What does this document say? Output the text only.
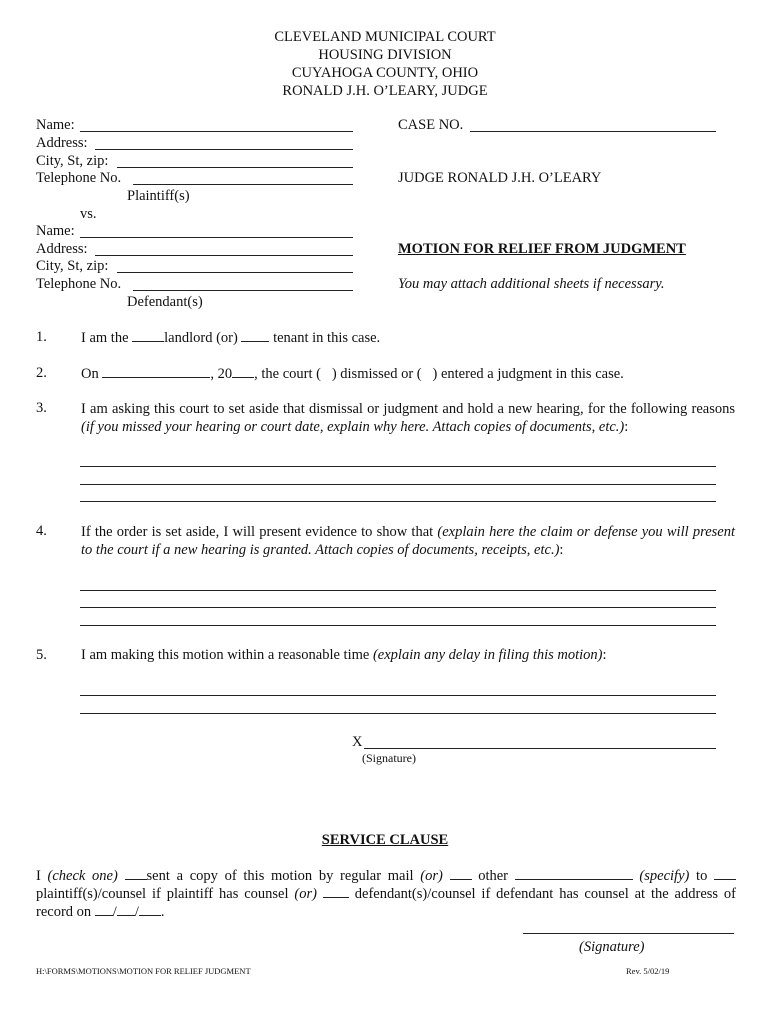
CLEVELAND MUNICIPAL COURT
HOUSING DIVISION
CUYAHOGA COUNTY, OHIO
RONALD J.H. O’LEARY, JUDGE
Name:
Address:
City, St, zip:
Telephone No.
Plaintiff(s)
vs.
Name:
Address:
City, St, zip:
Telephone No.
Defendant(s)
CASE NO.
JUDGE RONALD J.H. O’LEARY
MOTION FOR RELIEF FROM JUDGMENT
You may attach additional sheets if necessary.
1. I am the landlord (or) tenant in this case.
2. On	, 20 , the court ( ) dismissed or ( ) entered a judgment in this case.
3. I am asking this court to set aside that dismissal or judgment and hold a new hearing, for the following reasons (if you missed your hearing or court date, explain why here. Attach copies of documents, etc.):
4. If the order is set aside, I will present evidence to show that (explain here the claim or defense you will present to the court if a new hearing is granted. Attach copies of documents, receipts, etc.):
5. I am making this motion within a reasonable time (explain any delay in filing this motion):
X
(Signature)
SERVICE CLAUSE
I (check one) sent a copy of this motion by regular mail (or) other	(specify) to  plaintiff(s)/counsel if plaintiff has counsel (or)	defendant(s)/counsel if defendant has counsel at the address of record on / / .
(Signature)
H:\FORMS\MOTIONS\MOTION FOR RELIEF JUDGMENT	Rev. 5/02/19
